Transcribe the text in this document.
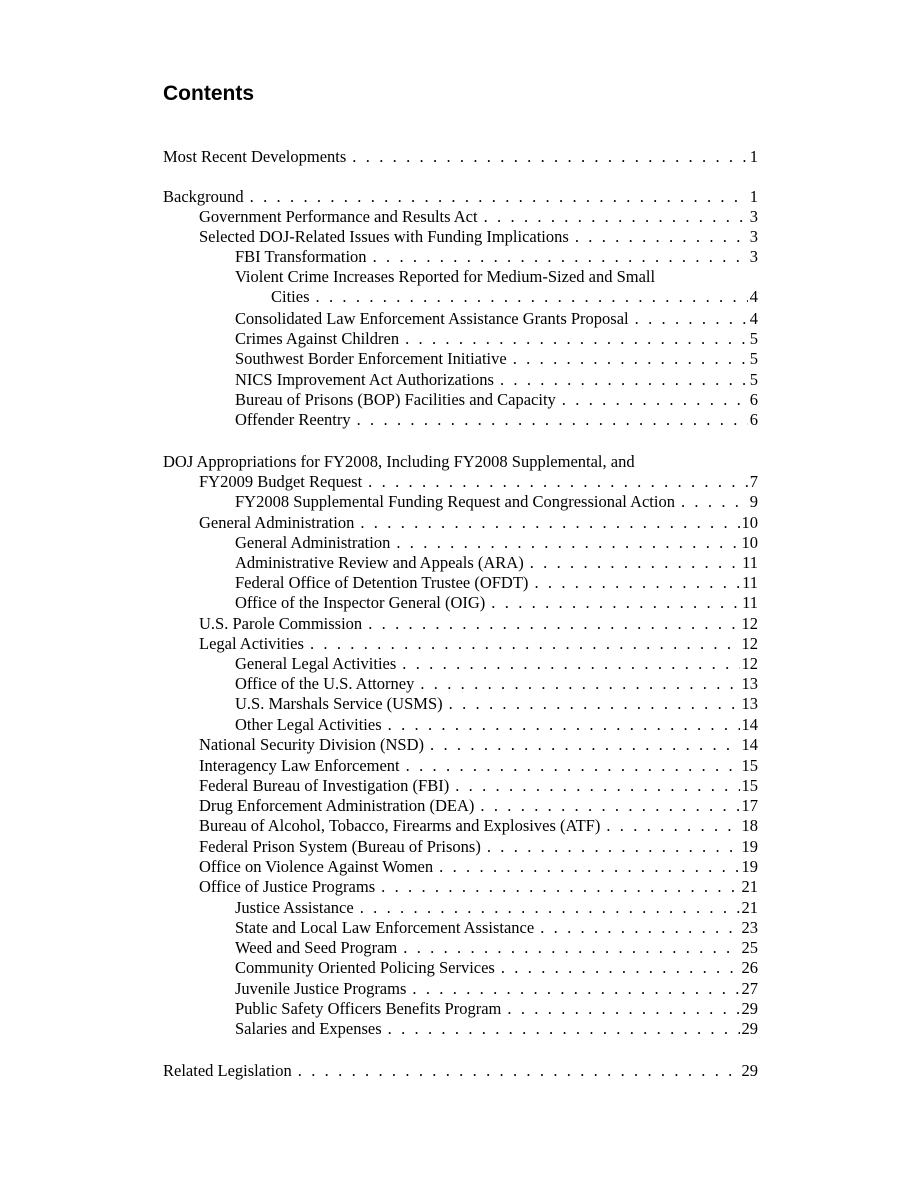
Contents
Most Recent Developments . . .	1
Background . . .	1
Government Performance and Results Act . . .	3
Selected DOJ-Related Issues with Funding Implications . . .	3
FBI Transformation . . .	3
Violent Crime Increases Reported for Medium-Sized and Small
Cities . . .	4
Consolidated Law Enforcement Assistance Grants Proposal . . .	4
Crimes Against Children . . .	5
Southwest Border Enforcement Initiative . . .	5
NICS Improvement Act Authorizations . . .	5
Bureau of Prisons (BOP) Facilities and Capacity . . .	6
Offender Reentry . . .	6
DOJ Appropriations for FY2008, Including FY2008 Supplemental, and
FY2009 Budget Request . . .	7
FY2008 Supplemental Funding Request and Congressional Action . . .	9
General Administration . . .	10
General Administration . . .	10
Administrative Review and Appeals (ARA) . . .	11
Federal Office of Detention Trustee (OFDT) . . .	11
Office of the Inspector General (OIG) . . .	11
U.S. Parole Commission . . .	12
Legal Activities . . .	12
General Legal Activities . . .	12
Office of the U.S. Attorney . . .	13
U.S. Marshals Service (USMS) . . .	13
Other Legal Activities . . .	14
National Security Division (NSD) . . .	14
Interagency Law Enforcement . . .	15
Federal Bureau of Investigation (FBI) . . .	15
Drug Enforcement Administration (DEA) . . .	17
Bureau of Alcohol, Tobacco, Firearms and Explosives (ATF) . . .	18
Federal Prison System (Bureau of Prisons) . . .	19
Office on Violence Against Women . . .	19
Office of Justice Programs . . .	21
Justice Assistance . . .	21
State and Local Law Enforcement Assistance . . .	23
Weed and Seed Program . . .	25
Community Oriented Policing Services . . .	26
Juvenile Justice Programs . . .	27
Public Safety Officers Benefits Program . . .	29
Salaries and Expenses . . .	29
Related Legislation . . .	29
